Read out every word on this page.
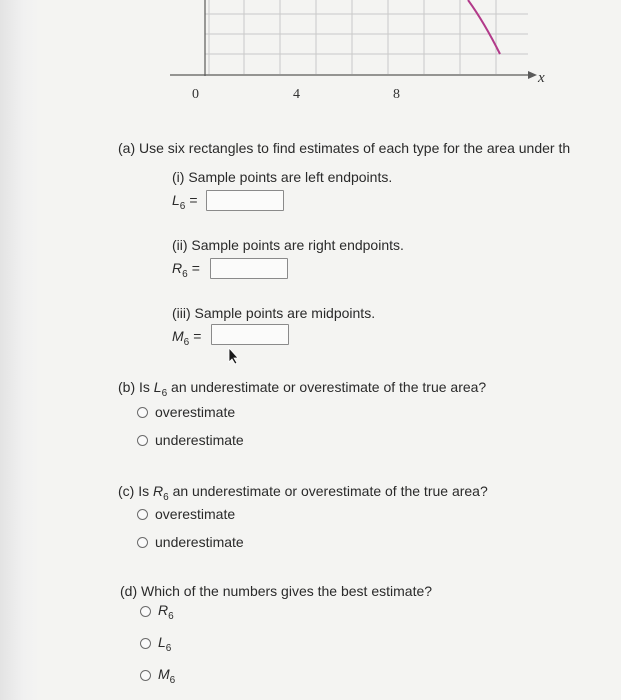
0	4	8
x
(a) Use six rectangles to find estimates of each type for the area under th
(i) Sample points are left endpoints.
$L_6$ =
(ii) Sample points are right endpoints.
$R_6$ =
(iii) Sample points are midpoints.
$M_6$ =
(b) Is $L_6$ an underestimate or overestimate of the true area?
overestimate
underestimate
(c) Is $R_6$ an underestimate or overestimate of the true area?
overestimate
underestimate
(d) Which of the numbers gives the best estimate?
$R_6$
$L_6$
$M_6$
